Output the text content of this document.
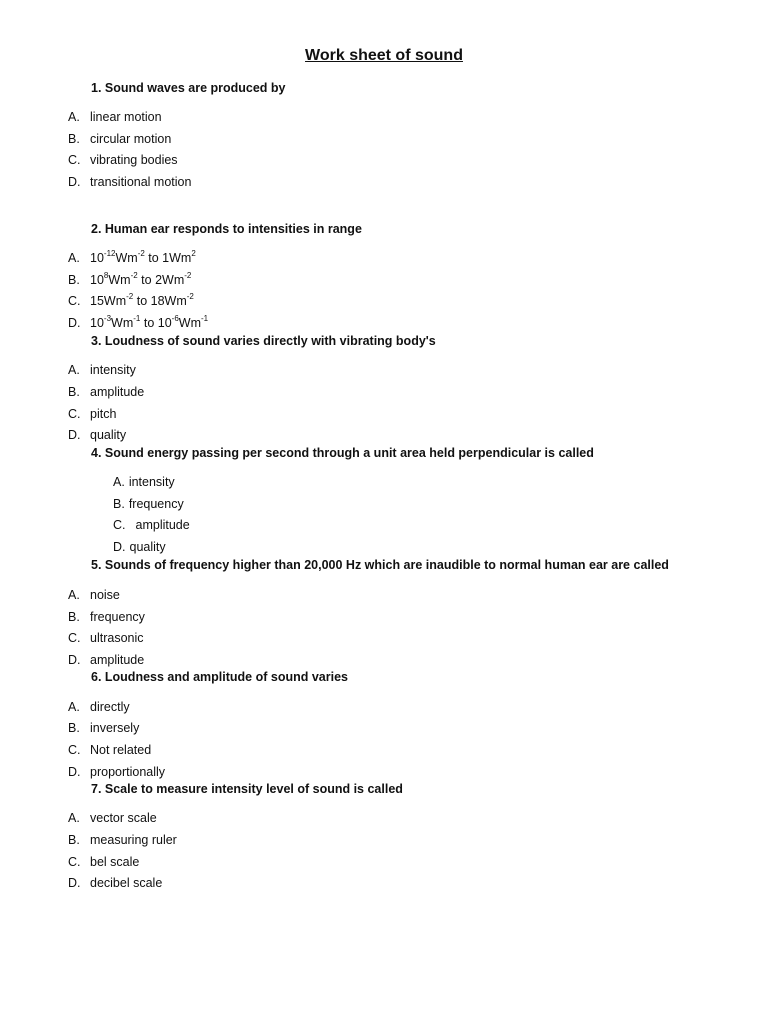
Work sheet of sound
1. Sound waves are produced by
A. linear motion
B. circular motion
C. vibrating bodies
D. transitional motion
2. Human ear responds to intensities in range
A. $10^{-12}Wm^{-2}$ to 1Wm$^2$
B. $10^8Wm^{-2}$ to $2Wm^{-2}$
C. $15Wm^{-2}$ to $18Wm^{-2}$
D. $10^{-3}Wm^{-1}$ to $10^{-6}Wm^{-1}$
3. Loudness of sound varies directly with vibrating body's
A. intensity
B. amplitude
C. pitch
D. quality
4. Sound energy passing per second through a unit area held perpendicular is called
A. intensity
B. frequency
C. amplitude
D. quality
5. Sounds of frequency higher than 20,000 Hz which are inaudible to normal human ear are called
A. noise
B. frequency
C. ultrasonic
D. amplitude
6. Loudness and amplitude of sound varies
A. directly
B. inversely
C. Not related
D. proportionally
7. Scale to measure intensity level of sound is called
A. vector scale
B. measuring ruler
C. bel scale
D. decibel scale
